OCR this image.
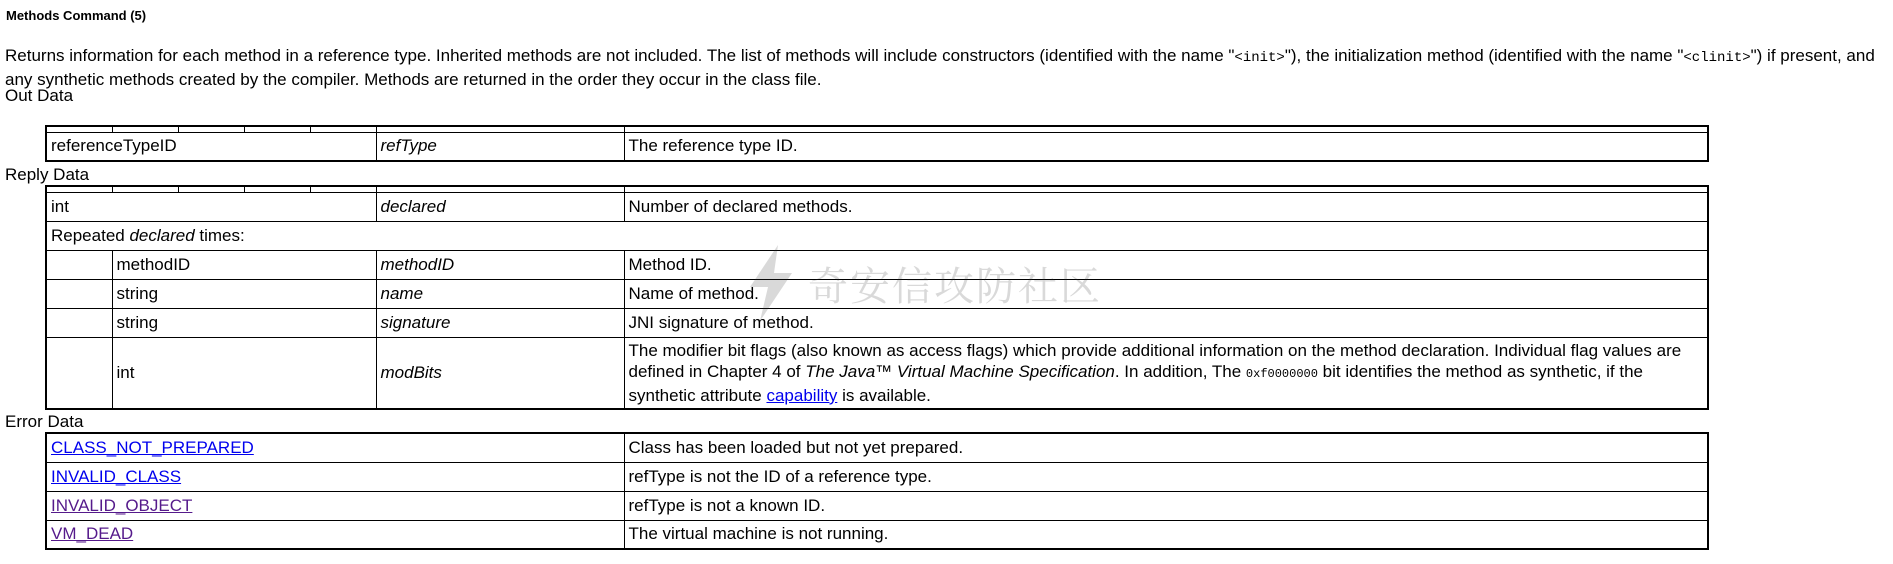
Methods Command (5)
Returns information for each method in a reference type. Inherited methods are not included. The list of methods will include constructors (identified with the name "<init>"), the initialization method (identified with the name "<clinit>") if present, and any synthetic methods created by the compiler. Methods are returned in the order they occur in the class file.
Out Data

referenceTypeID					refType	The reference type ID.
Reply Data

int					declared	Number of declared methods.
Repeated declared times:						
	methodID				methodID	Method ID.
	string				name	Name of method.
	string				signature	JNI signature of method.
	int				modBits	The modifier bit flags (also known as access flags) which provide additional information on the method declaration. Individual flag values are defined in Chapter 4 of The Java™ Virtual Machine Specification. In addition, The 0xf0000000 bit identifies the method as synthetic, if the synthetic attribute capability is available.
Error Data
CLASS_NOT_PREPARED	Class has been loaded but not yet prepared.
INVALID_CLASS	refType is not the ID of a reference type.
INVALID_OBJECT	refType is not a known ID.
VM_DEAD	The virtual machine is not running.
奇安信攻防社区
